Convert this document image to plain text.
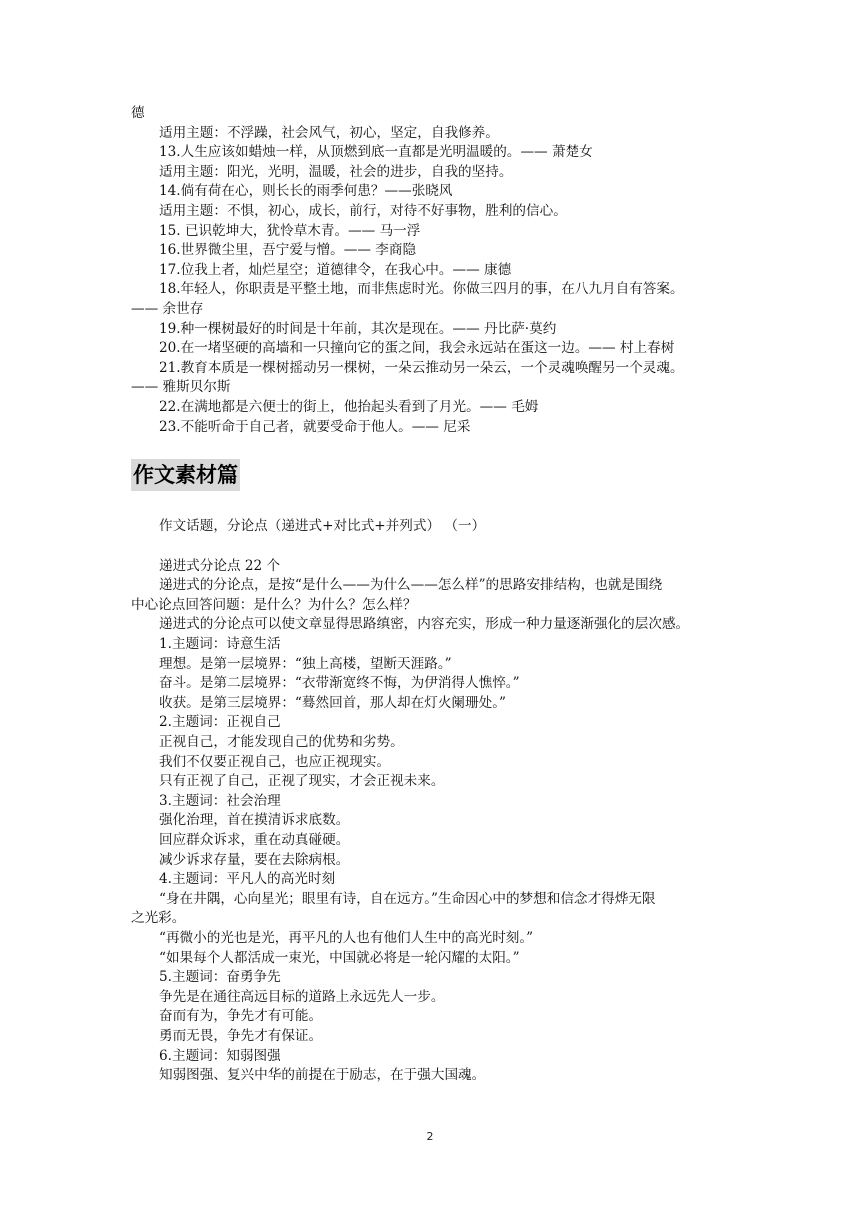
德
适用主题：不浮躁，社会风气，初心，坚定，自我修养。
13.人生应该如蜡烛一样，从顶燃到底一直都是光明温暖的。—— 萧楚女
适用主题：阳光，光明，温暖，社会的进步，自我的坚持。
14.倘有荷在心，则长长的雨季何患？——张晓风
适用主题：不惧，初心，成长，前行，对待不好事物，胜利的信心。
15. 已识乾坤大，犹怜草木青。—— 马一浮
16.世界微尘里，吾宁爱与憎。—— 李商隐
17.位我上者，灿烂星空；道德律令，在我心中。—— 康德
18.年轻人，你职责是平整土地，而非焦虑时光。你做三四月的事，在八九月自有答案。
—— 余世存
19.种一棵树最好的时间是十年前，其次是现在。—— 丹比萨·莫约
20.在一堵坚硬的高墙和一只撞向它的蛋之间，我会永远站在蛋这一边。—— 村上春树
21.教育本质是一棵树摇动另一棵树，一朵云推动另一朵云，一个灵魂唤醒另一个灵魂。
—— 雅斯贝尔斯
22.在满地都是六便士的街上，他抬起头看到了月光。—— 毛姆
23.不能听命于自己者，就要受命于他人。—— 尼采
作文素材篇
作文话题，分论点（递进式+对比式+并列式） （一）
递进式分论点 22 个
递进式的分论点，是按“是什么——为什么——怎么样”的思路安排结构，也就是围绕
中心论点回答问题：是什么？为什么？怎么样？
递进式的分论点可以使文章显得思路缜密，内容充实，形成一种力量逐渐强化的层次感。
1.主题词：诗意生活
理想。是第一层境界：“独上高楼，望断天涯路。”
奋斗。是第二层境界：“衣带渐宽终不悔，为伊消得人憔悴。”
收获。是第三层境界：“蓦然回首，那人却在灯火阑珊处。”
2.主题词：正视自己
正视自己，才能发现自己的优势和劣势。
我们不仅要正视自己，也应正视现实。
只有正视了自己，正视了现实，才会正视未来。
3.主题词：社会治理
强化治理，首在摸清诉求底数。
回应群众诉求，重在动真碰硬。
减少诉求存量，要在去除病根。
4.主题词：平凡人的高光时刻
“身在井隅，心向星光；眼里有诗，自在远方。”生命因心中的梦想和信念才得烨无限
之光彩。
“再微小的光也是光，再平凡的人也有他们人生中的高光时刻。”
“如果每个人都活成一束光，中国就必将是一轮闪耀的太阳。”
5.主题词：奋勇争先
争先是在通往高远目标的道路上永远先人一步。
奋而有为，争先才有可能。
勇而无畏，争先才有保证。
6.主题词：知弱图强
知弱图强、复兴中华的前提在于励志，在于强大国魂。
2
